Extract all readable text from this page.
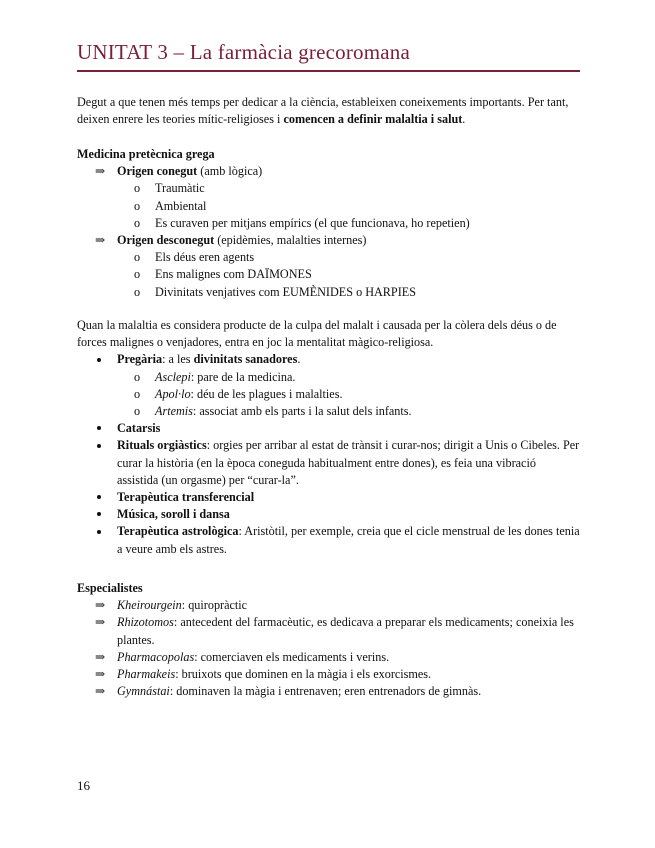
UNITAT 3 – La farmàcia grecoromana
Degut a que tenen més temps per dedicar a la ciència, estableixen coneixements importants. Per tant, deixen enrere les teories mític-religioses i comencen a definir malaltia i salut.
Medicina pretècnica grega
⇒ Origen conegut (amb lògica)
o Traumàtic
o Ambiental
o Es curaven per mitjans empírics (el que funcionava, ho repetien)
⇒ Origen desconegut (epidèmies, malalties internes)
o Els déus eren agents
o Ens malignes com DAÏMONES
o Divinitats venjatives com EUMÈNIDES o HARPIES
Quan la malaltia es considera producte de la culpa del malalt i causada per la còlera dels déus o de forces malignes o venjadores, entra en joc la mentalitat màgico-religiosa.
Pregària: a les divinitats sanadores.
o Asclepi: pare de la medicina.
o Apol·lo: déu de les plagues i malalties.
o Artemis: associat amb els parts i la salut dels infants.
Catarsis
Rituals orgiàstics: orgies per arribar al estat de trànsit i curar-nos; dirigit a Unis o Cibeles. Per curar la història (en la època coneguda habitualment entre dones), es feia una vibració assistida (un orgasme) per “curar-la”.
Terapèutica transferencial
Música, soroll i dansa
Terapèutica astrològica: Aristòtil, per exemple, creia que el cicle menstrual de les dones tenia a veure amb els astres.
Especialistes
⇒ Kheirourgein: quiropràctic
⇒ Rhizotomos: antecedent del farmacèutic, es dedicava a preparar els medicaments; coneixia les plantes.
⇒ Pharmacopolas: comerciaven els medicaments i verins.
⇒ Pharmakeis: bruixots que dominen en la màgia i els exorcismes.
⇒ Gymnástai: dominaven la màgia i entrenaven; eren entrenadors de gimnàs.
16
